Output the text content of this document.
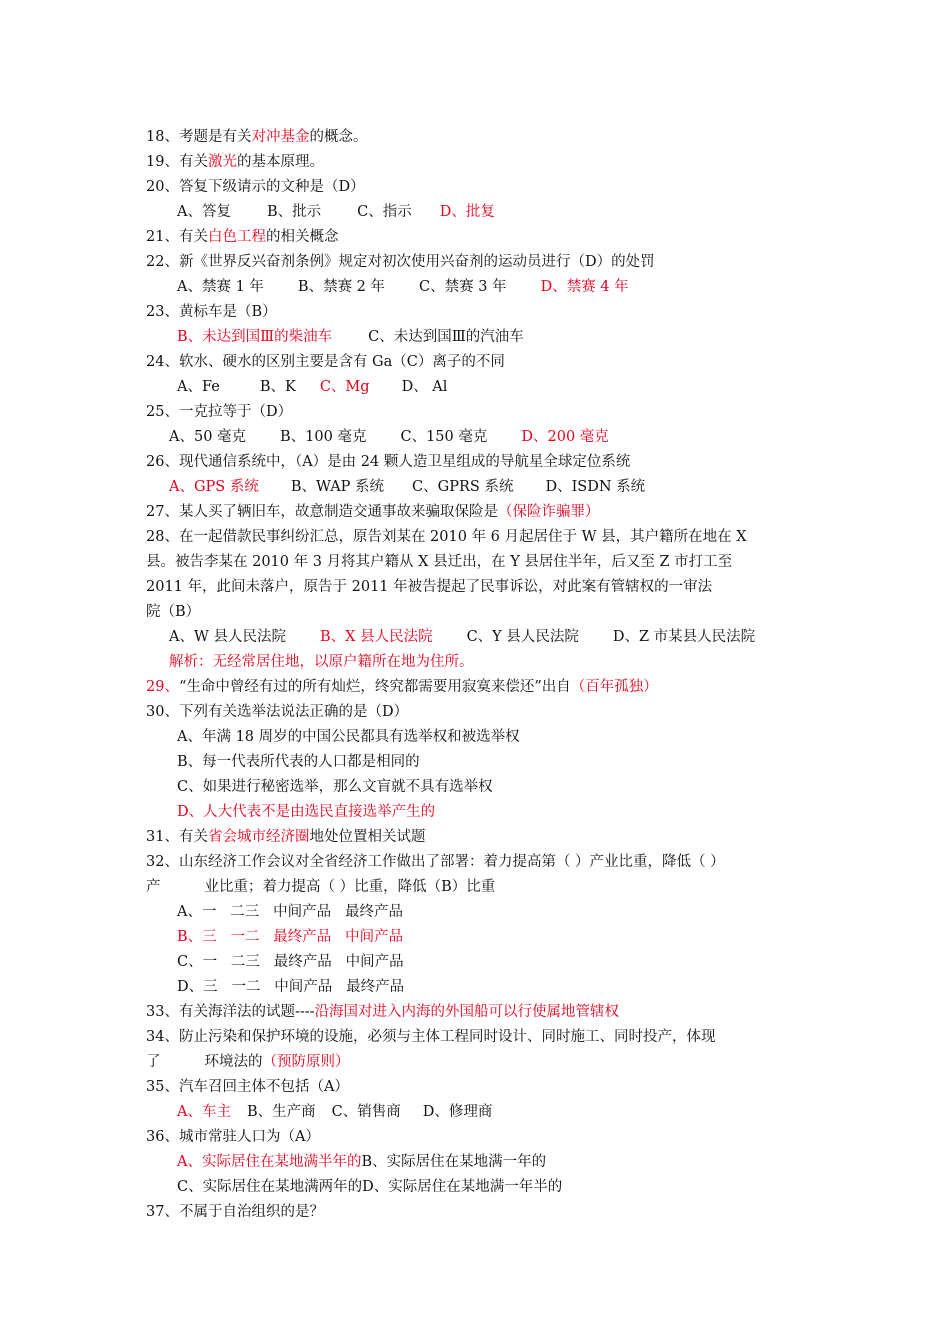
18、考题是有关对冲基金的概念。
19、有关激光的基本原理。
20、答复下级请示的文种是（D）
A、答复 B、批示 C、指示 D、批复
21、有关白色工程的相关概念
22、新《世界反兴奋剂条例》规定对初次使用兴奋剂的运动员进行（D）的处罚
A、禁赛 1 年 B、禁赛 2 年 C、禁赛 3 年 D、禁赛 4 年
23、黄标车是（B）
B、未达到国Ⅲ的柴油车 C、未达到国Ⅲ的汽油车
24、软水、硬水的区别主要是含有 Ga（C）离子的不同
A、Fe	B、K C、Mg D、 Al
25、一克拉等于（D）
A、50 毫克 B、100 毫克 C、150 毫克 D、200 毫克
26、现代通信系统中，（A）是由 24 颗人造卫星组成的导航星全球定位系统
A、GPS 系统 B、WAP 系统 C、GPRS 系统 D、ISDN 系统
27、某人买了辆旧车，故意制造交通事故来骗取保险是（保险诈骗罪）
28、在一起借款民事纠纷汇总，原告刘某在 2010 年 6 月起居住于 W 县，其户籍所在地在 X
县。被告李某在 2010 年 3 月将其户籍从 X 县迁出，在 Y 县居住半年，后又至 Z 市打工至
2011 年，此间未落户，原告于 2011 年被告提起了民事诉讼，对此案有管辖权的一审法
院（B）
A、W 县人民法院 B、X 县人民法院 C、Y 县人民法院 D、Z 市某县人民法院
解析：无经常居住地，以原户籍所在地为住所。
29、“生命中曾经有过的所有灿烂，终究都需要用寂寞来偿还”出自（百年孤独）
30、下列有关选举法说法正确的是（D）
A、年满 18 周岁的中国公民都具有选举权和被选举权
B、每一代表所代表的人口都是相同的
C、如果进行秘密选举，那么文盲就不具有选举权
D、人大代表不是由选民直接选举产生的
31、有关省会城市经济圈地处位置相关试题
32、山东经济工作会议对全省经济工作做出了部署：着力提高第（ ）产业比重，降低（ ）
产	业比重；着力提高（ ）比重，降低（B）比重
A、一   二三   中间产品   最终产品
B、三   一二   最终产品   中间产品
C、一   二三   最终产品   中间产品
D、三   一二   中间产品   最终产品
33、有关海洋法的试题----沿海国对进入内海的外国船可以行使属地管辖权
34、防止污染和保护环境的设施，必须与主体工程同时设计、同时施工、同时投产，体现
了	环境法的（预防原则）
35、汽车召回主体不包括（A）
A、车主 B、生产商 C、销售商 D、修理商
36、城市常驻人口为（A）
A、实际居住在某地满半年的B、实际居住在某地满一年的
C、实际居住在某地满两年的D、实际居住在某地满一年半的
37、不属于自治组织的是？
